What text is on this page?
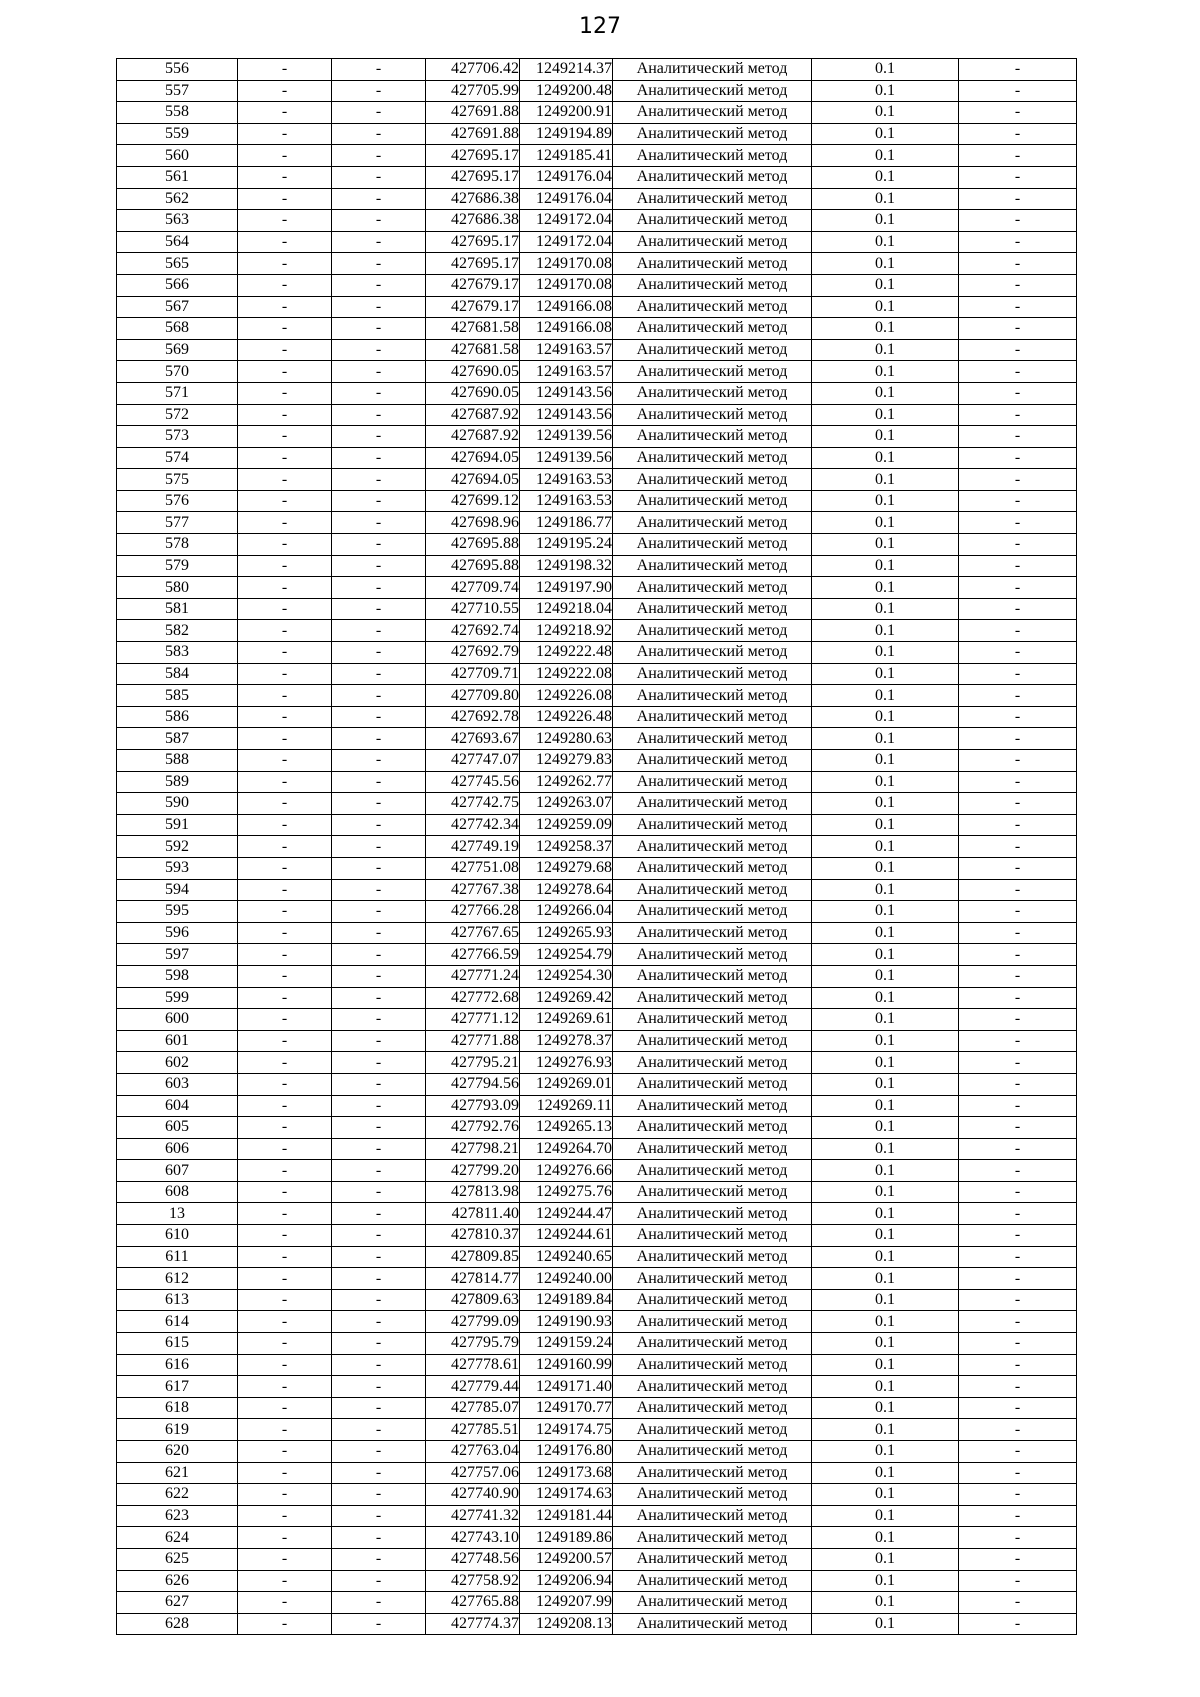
127
556	-	-	427706.42	1249214.37	Аналитический метод	0.1	-
557	-	-	427705.99	1249200.48	Аналитический метод	0.1	-
558	-	-	427691.88	1249200.91	Аналитический метод	0.1	-
559	-	-	427691.88	1249194.89	Аналитический метод	0.1	-
560	-	-	427695.17	1249185.41	Аналитический метод	0.1	-
561	-	-	427695.17	1249176.04	Аналитический метод	0.1	-
562	-	-	427686.38	1249176.04	Аналитический метод	0.1	-
563	-	-	427686.38	1249172.04	Аналитический метод	0.1	-
564	-	-	427695.17	1249172.04	Аналитический метод	0.1	-
565	-	-	427695.17	1249170.08	Аналитический метод	0.1	-
566	-	-	427679.17	1249170.08	Аналитический метод	0.1	-
567	-	-	427679.17	1249166.08	Аналитический метод	0.1	-
568	-	-	427681.58	1249166.08	Аналитический метод	0.1	-
569	-	-	427681.58	1249163.57	Аналитический метод	0.1	-
570	-	-	427690.05	1249163.57	Аналитический метод	0.1	-
571	-	-	427690.05	1249143.56	Аналитический метод	0.1	-
572	-	-	427687.92	1249143.56	Аналитический метод	0.1	-
573	-	-	427687.92	1249139.56	Аналитический метод	0.1	-
574	-	-	427694.05	1249139.56	Аналитический метод	0.1	-
575	-	-	427694.05	1249163.53	Аналитический метод	0.1	-
576	-	-	427699.12	1249163.53	Аналитический метод	0.1	-
577	-	-	427698.96	1249186.77	Аналитический метод	0.1	-
578	-	-	427695.88	1249195.24	Аналитический метод	0.1	-
579	-	-	427695.88	1249198.32	Аналитический метод	0.1	-
580	-	-	427709.74	1249197.90	Аналитический метод	0.1	-
581	-	-	427710.55	1249218.04	Аналитический метод	0.1	-
582	-	-	427692.74	1249218.92	Аналитический метод	0.1	-
583	-	-	427692.79	1249222.48	Аналитический метод	0.1	-
584	-	-	427709.71	1249222.08	Аналитический метод	0.1	-
585	-	-	427709.80	1249226.08	Аналитический метод	0.1	-
586	-	-	427692.78	1249226.48	Аналитический метод	0.1	-
587	-	-	427693.67	1249280.63	Аналитический метод	0.1	-
588	-	-	427747.07	1249279.83	Аналитический метод	0.1	-
589	-	-	427745.56	1249262.77	Аналитический метод	0.1	-
590	-	-	427742.75	1249263.07	Аналитический метод	0.1	-
591	-	-	427742.34	1249259.09	Аналитический метод	0.1	-
592	-	-	427749.19	1249258.37	Аналитический метод	0.1	-
593	-	-	427751.08	1249279.68	Аналитический метод	0.1	-
594	-	-	427767.38	1249278.64	Аналитический метод	0.1	-
595	-	-	427766.28	1249266.04	Аналитический метод	0.1	-
596	-	-	427767.65	1249265.93	Аналитический метод	0.1	-
597	-	-	427766.59	1249254.79	Аналитический метод	0.1	-
598	-	-	427771.24	1249254.30	Аналитический метод	0.1	-
599	-	-	427772.68	1249269.42	Аналитический метод	0.1	-
600	-	-	427771.12	1249269.61	Аналитический метод	0.1	-
601	-	-	427771.88	1249278.37	Аналитический метод	0.1	-
602	-	-	427795.21	1249276.93	Аналитический метод	0.1	-
603	-	-	427794.56	1249269.01	Аналитический метод	0.1	-
604	-	-	427793.09	1249269.11	Аналитический метод	0.1	-
605	-	-	427792.76	1249265.13	Аналитический метод	0.1	-
606	-	-	427798.21	1249264.70	Аналитический метод	0.1	-
607	-	-	427799.20	1249276.66	Аналитический метод	0.1	-
608	-	-	427813.98	1249275.76	Аналитический метод	0.1	-
13	-	-	427811.40	1249244.47	Аналитический метод	0.1	-
610	-	-	427810.37	1249244.61	Аналитический метод	0.1	-
611	-	-	427809.85	1249240.65	Аналитический метод	0.1	-
612	-	-	427814.77	1249240.00	Аналитический метод	0.1	-
613	-	-	427809.63	1249189.84	Аналитический метод	0.1	-
614	-	-	427799.09	1249190.93	Аналитический метод	0.1	-
615	-	-	427795.79	1249159.24	Аналитический метод	0.1	-
616	-	-	427778.61	1249160.99	Аналитический метод	0.1	-
617	-	-	427779.44	1249171.40	Аналитический метод	0.1	-
618	-	-	427785.07	1249170.77	Аналитический метод	0.1	-
619	-	-	427785.51	1249174.75	Аналитический метод	0.1	-
620	-	-	427763.04	1249176.80	Аналитический метод	0.1	-
621	-	-	427757.06	1249173.68	Аналитический метод	0.1	-
622	-	-	427740.90	1249174.63	Аналитический метод	0.1	-
623	-	-	427741.32	1249181.44	Аналитический метод	0.1	-
624	-	-	427743.10	1249189.86	Аналитический метод	0.1	-
625	-	-	427748.56	1249200.57	Аналитический метод	0.1	-
626	-	-	427758.92	1249206.94	Аналитический метод	0.1	-
627	-	-	427765.88	1249207.99	Аналитический метод	0.1	-
628	-	-	427774.37	1249208.13	Аналитический метод	0.1	-
